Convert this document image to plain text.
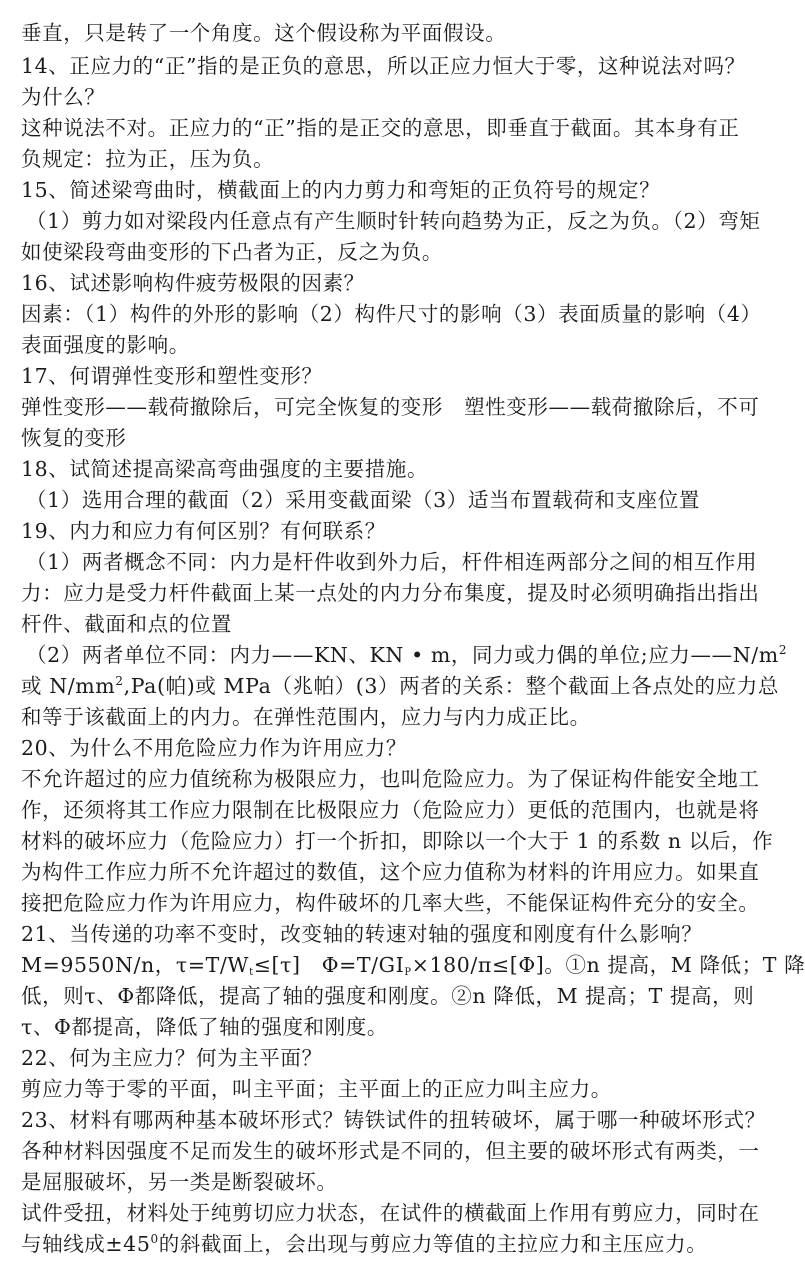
垂直，只是转了一个角度。这个假设称为平面假设。
14、正应力的“正”指的是正负的意思，所以正应力恒大于零，这种说法对吗？
为什么？
这种说法不对。正应力的“正”指的是正交的意思，即垂直于截面。其本身有正
负规定：拉为正，压为负。
15、简述梁弯曲时，横截面上的内力剪力和弯矩的正负符号的规定？
（1）剪力如对梁段内任意点有产生顺时针转向趋势为正，反之为负。（2）弯矩
如使梁段弯曲变形的下凸者为正，反之为负。
16、试述影响构件疲劳极限的因素？
因素：（1）构件的外形的影响（2）构件尺寸的影响（3）表面质量的影响（4）
表面强度的影响。
17、何谓弹性变形和塑性变形？
弹性变形——载荷撤除后，可完全恢复的变形　塑性变形——载荷撤除后，不可
恢复的变形
18、试简述提高梁高弯曲强度的主要措施。
（1）选用合理的截面（2）采用变截面梁（3）适当布置载荷和支座位置
19、内力和应力有何区别？有何联系？
（1）两者概念不同：内力是杆件收到外力后，杆件相连两部分之间的相互作用
力：应力是受力杆件截面上某一点处的内力分布集度，提及时必须明确指出指出
杆件、截面和点的位置
（2）两者单位不同：内力——KN、KN • m，同力或力偶的单位;应力$——N/m^2$
或 $N/mm^2,Pa$(帕)或 MPa（兆帕）(3）两者的关系：整个截面上各点处的应力总
和等于该截面上的内力。在弹性范围内，应力与内力成正比。
20、为什么不用危险应力作为许用应力？
不允许超过的应力值统称为极限应力，也叫危险应力。为了保证构件能安全地工
作，还须将其工作应力限制在比极限应力（危险应力）更低的范围内，也就是将
材料的破坏应力（危险应力）打一个折扣，即除以一个大于 1 的系数 n 以后，作
为构件工作应力所不允许超过的数值，这个应力值称为材料的许用应力。如果直
接把危险应力作为许用应力，构件破坏的几率大些，不能保证构件充分的安全。
21、当传递的功率不变时，改变轴的转速对轴的强度和刚度有什么影响？
M=9550N/n，$\tau=T/W_t\le[\tau]$　$\Phi=T/GI_P\times 180/\pi\le[\Phi]$。①n 提高，M 降低；T 降
低，则τ、Φ都降低，提高了轴的强度和刚度。②n 降低，M 提高；T 提高，则
τ、Φ都提高，降低了轴的强度和刚度。
22、何为主应力？何为主平面？
剪应力等于零的平面，叫主平面；主平面上的正应力叫主应力。
23、材料有哪两种基本破坏形式？铸铁试件的扭转破坏，属于哪一种破坏形式？
各种材料因强度不足而发生的破坏形式是不同的，但主要的破坏形式有两类，一
是屈服破坏，另一类是断裂破坏。
试件受扭，材料处于纯剪切应力状态，在试件的横截面上作用有剪应力，同时在
与轴线成$\pm 45^0$的斜截面上，会出现与剪应力等值的主拉应力和主压应力。
